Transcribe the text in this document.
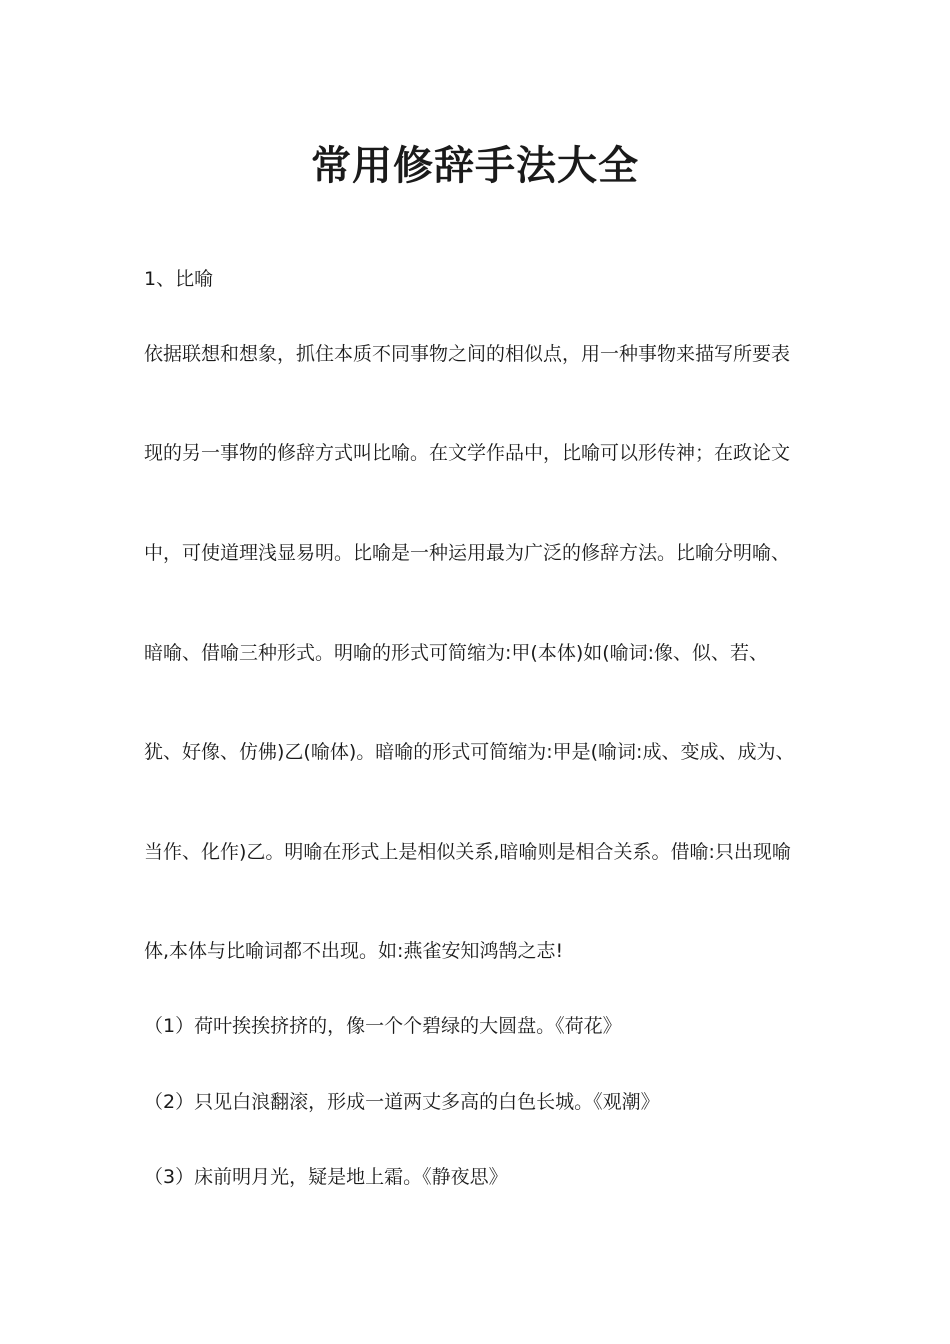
常用修辞手法大全
1、比喻
依据联想和想象，抓住本质不同事物之间的相似点，用一种事物来描写所要表
现的另一事物的修辞方式叫比喻。在文学作品中，比喻可以形传神；在政论文
中，可使道理浅显易明。比喻是一种运用最为广泛的修辞方法。比喻分明喻、
暗喻、借喻三种形式。明喻的形式可简缩为:甲(本体)如(喻词:像、似、若、
犹、好像、仿佛)乙(喻体)。暗喻的形式可简缩为:甲是(喻词:成、变成、成为、
当作、化作)乙。明喻在形式上是相似关系,暗喻则是相合关系。借喻:只出现喻
体,本体与比喻词都不出现。如:燕雀安知鸿鹄之志!
（1）荷叶挨挨挤挤的，像一个个碧绿的大圆盘。《荷花》
（2）只见白浪翻滚，形成一道两丈多高的白色长城。《观潮》
（3）床前明月光，疑是地上霜。《静夜思》
